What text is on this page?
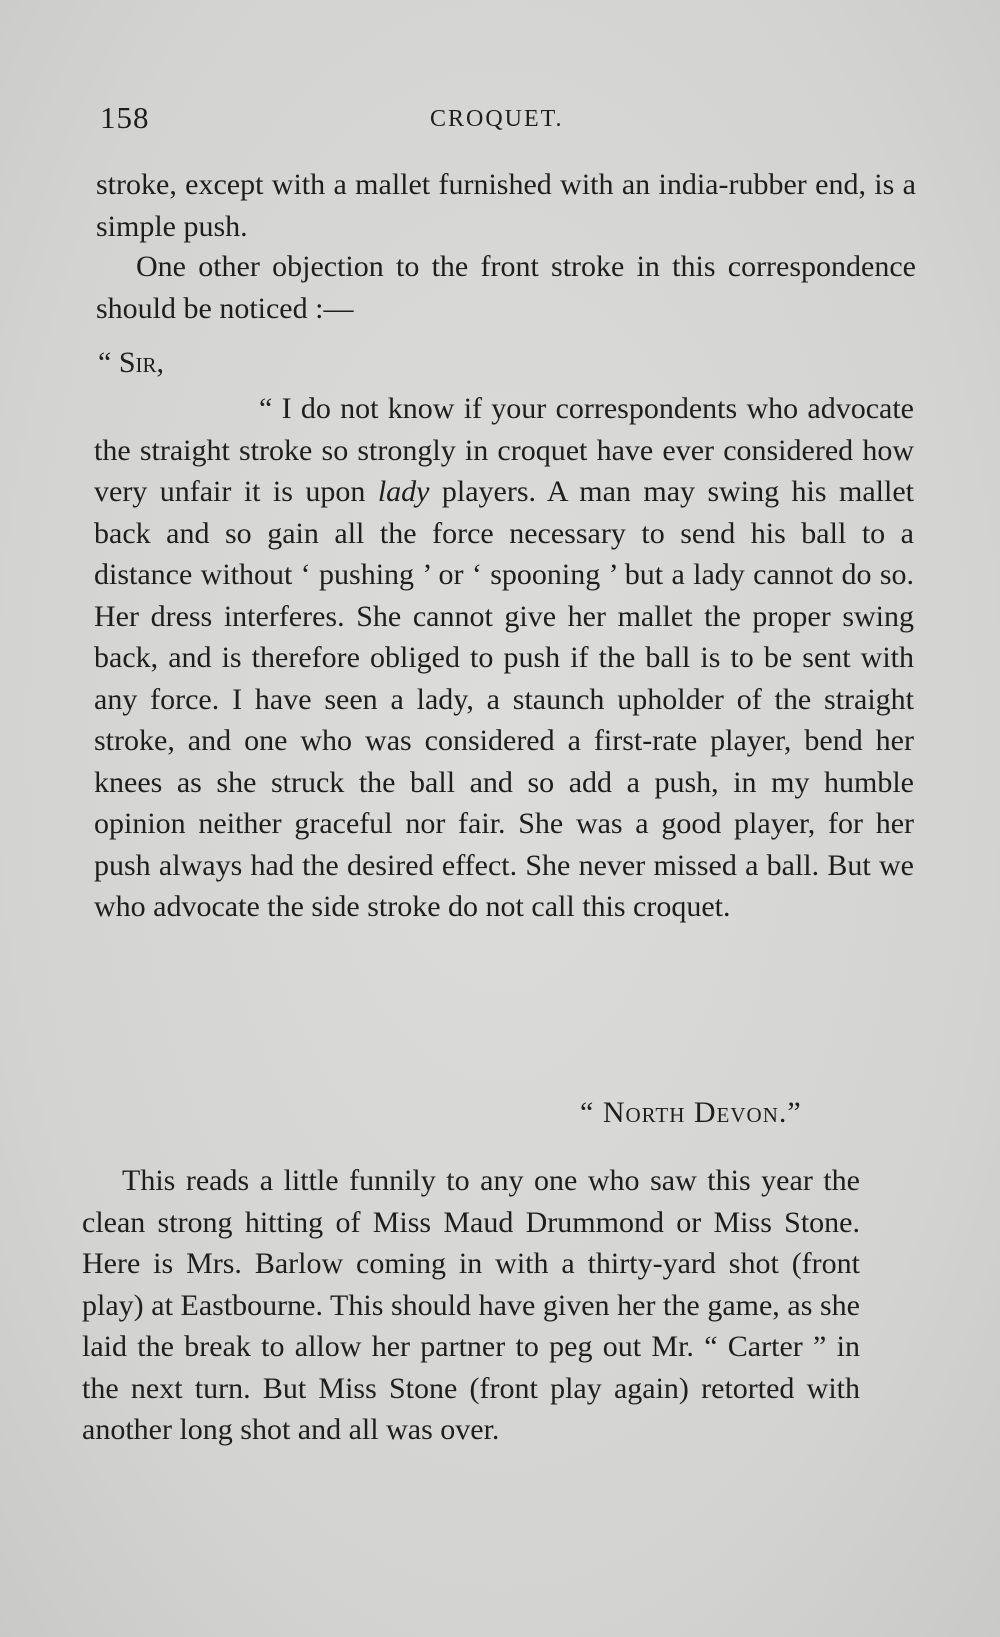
158	CROQUET.

stroke, except with a mallet furnished with an india-rubber end, is a simple push.

One other objection to the front stroke in this correspondence should be noticed :—

“ Sir,

“ I do not know if your correspondents who advocate the straight stroke so strongly in croquet have ever considered how very unfair it is upon lady players. A man may swing his mallet back and so gain all the force necessary to send his ball to a distance without ‘ pushing ’ or ‘ spooning ’ but a lady cannot do so. Her dress interferes. She cannot give her mallet the proper swing back, and is therefore obliged to push if the ball is to be sent with any force. I have seen a lady, a staunch upholder of the straight stroke, and one who was considered a first-rate player, bend her knees as she struck the ball and so add a push, in my humble opinion neither graceful nor fair. She was a good player, for her push always had the desired effect. She never missed a ball. But we who advocate the side stroke do not call this croquet.

“ North Devon.”

This reads a little funnily to any one who saw this year the clean strong hitting of Miss Maud Drummond or Miss Stone. Here is Mrs. Barlow coming in with a thirty-yard shot (front play) at Eastbourne. This should have given her the game, as she laid the break to allow her partner to peg out Mr. “ Carter ” in the next turn. But Miss Stone (front play again) retorted with another long shot and all was over.
